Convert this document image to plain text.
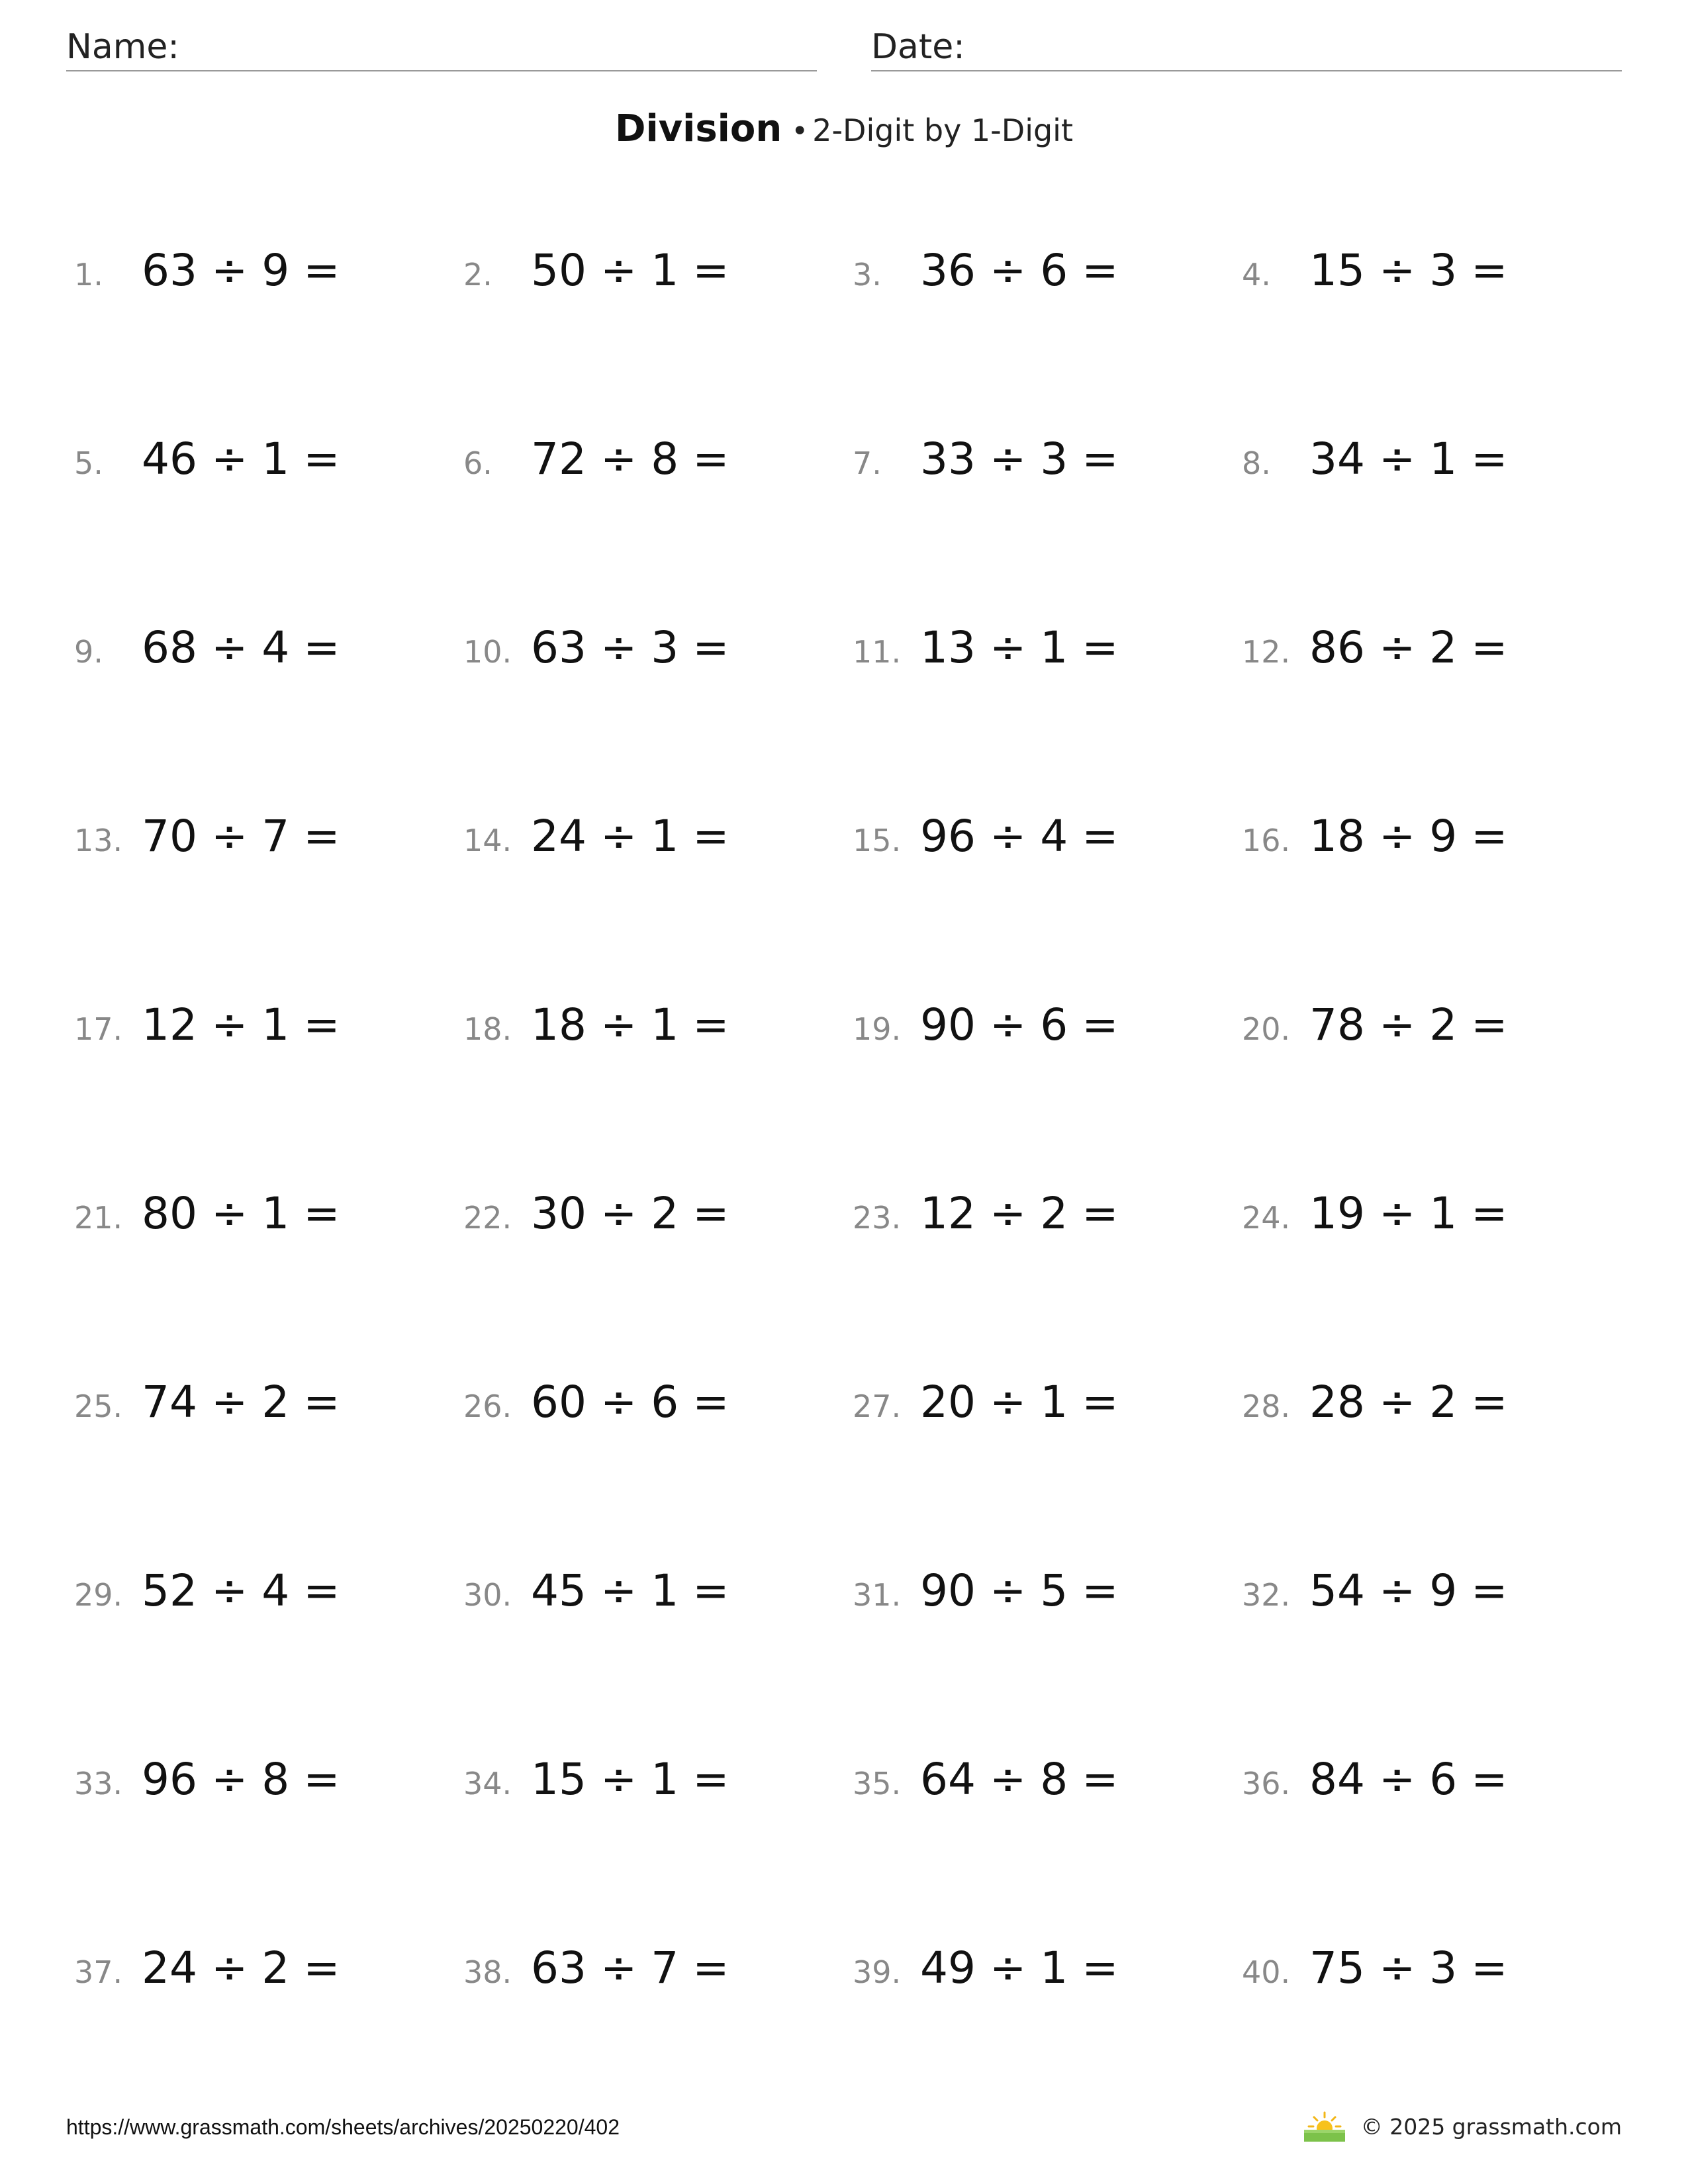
Name:	Date:
Division • 2-Digit by 1-Digit
1. 63 ÷ 9 =	2. 50 ÷ 1 =	3. 36 ÷ 6 =	4. 15 ÷ 3 =
5. 46 ÷ 1 =	6. 72 ÷ 8 =	7. 33 ÷ 3 =	8. 34 ÷ 1 =
9. 68 ÷ 4 =	10. 63 ÷ 3 =	11. 13 ÷ 1 =	12. 86 ÷ 2 =
13. 70 ÷ 7 =	14. 24 ÷ 1 =	15. 96 ÷ 4 =	16. 18 ÷ 9 =
17. 12 ÷ 1 =	18. 18 ÷ 1 =	19. 90 ÷ 6 =	20. 78 ÷ 2 =
21. 80 ÷ 1 =	22. 30 ÷ 2 =	23. 12 ÷ 2 =	24. 19 ÷ 1 =
25. 74 ÷ 2 =	26. 60 ÷ 6 =	27. 20 ÷ 1 =	28. 28 ÷ 2 =
29. 52 ÷ 4 =	30. 45 ÷ 1 =	31. 90 ÷ 5 =	32. 54 ÷ 9 =
33. 96 ÷ 8 =	34. 15 ÷ 1 =	35. 64 ÷ 8 =	36. 84 ÷ 6 =
37. 24 ÷ 2 =	38. 63 ÷ 7 =	39. 49 ÷ 1 =	40. 75 ÷ 3 =
https://www.grassmath.com/sheets/archives/20250220/402	© 2025 grassmath.com
